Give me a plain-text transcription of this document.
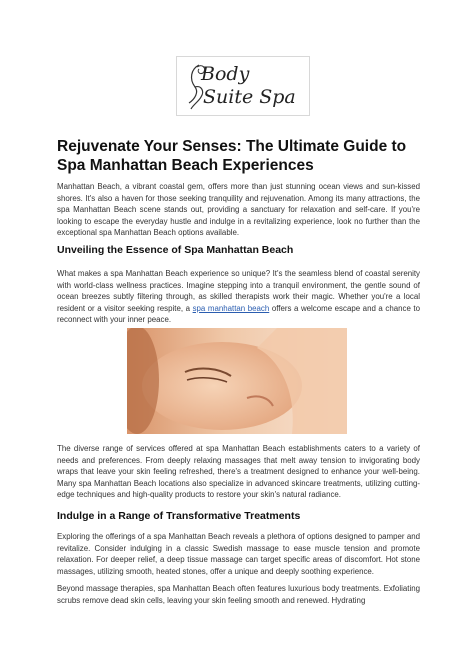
Body
Suite Spa
Rejuvenate Your Senses: The Ultimate Guide to Spa Manhattan Beach Experiences

Manhattan Beach, a vibrant coastal gem, offers more than just stunning ocean views and sun-kissed shores. It's also a haven for those seeking tranquility and rejuvenation. Among its many attractions, the spa Manhattan Beach scene stands out, providing a sanctuary for relaxation and self-care. If you're looking to escape the everyday hustle and indulge in a revitalizing experience, look no further than the exceptional spa Manhattan Beach options available.

Unveiling the Essence of Spa Manhattan Beach

What makes a spa Manhattan Beach experience so unique? It's the seamless blend of coastal serenity with world-class wellness practices. Imagine stepping into a tranquil environment, the gentle sound of ocean breezes subtly filtering through, as skilled therapists work their magic. Whether you're a local resident or a visitor seeking respite, a spa manhattan beach offers a welcome escape and a chance to reconnect with your inner peace.

The diverse range of services offered at spa Manhattan Beach establishments caters to a variety of needs and preferences. From deeply relaxing massages that melt away tension to invigorating body wraps that leave your skin feeling refreshed, there's a treatment designed to enhance your well-being. Many spa Manhattan Beach locations also specialize in advanced skincare treatments, utilizing cutting-edge techniques and high-quality products to restore your skin's natural radiance.

Indulge in a Range of Transformative Treatments

Exploring the offerings of a spa Manhattan Beach reveals a plethora of options designed to pamper and revitalize. Consider indulging in a classic Swedish massage to ease muscle tension and promote relaxation. For deeper relief, a deep tissue massage can target specific areas of discomfort. Hot stone massages, utilizing smooth, heated stones, offer a unique and deeply soothing experience.

Beyond massage therapies, spa Manhattan Beach often features luxurious body treatments. Exfoliating scrubs remove dead skin cells, leaving your skin feeling smooth and renewed. Hydrating
